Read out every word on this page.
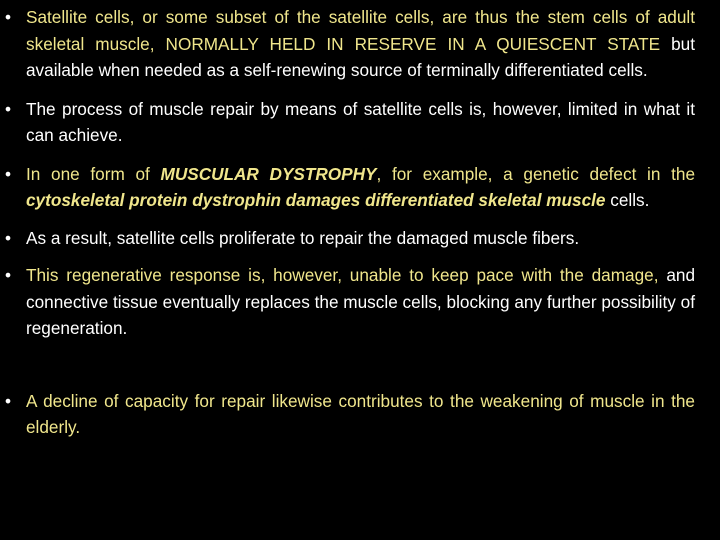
• Satellite cells, or some subset of the satellite cells, are thus the stem cells of adult skeletal muscle, NORMALLY HELD IN RESERVE IN A QUIESCENT STATE but available when needed as a self-renewing source of terminally differentiated cells.
• The process of muscle repair by means of satellite cells is, however, limited in what it can achieve.
• In one form of MUSCULAR DYSTROPHY, for example, a genetic defect in the cytoskeletal protein dystrophin damages differentiated skeletal muscle cells.
• As a result, satellite cells proliferate to repair the damaged muscle fibers.
• This regenerative response is, however, unable to keep pace with the damage, and connective tissue eventually replaces the muscle cells, blocking any further possibility of regeneration.
• A decline of capacity for repair likewise contributes to the weakening of muscle in the elderly.
